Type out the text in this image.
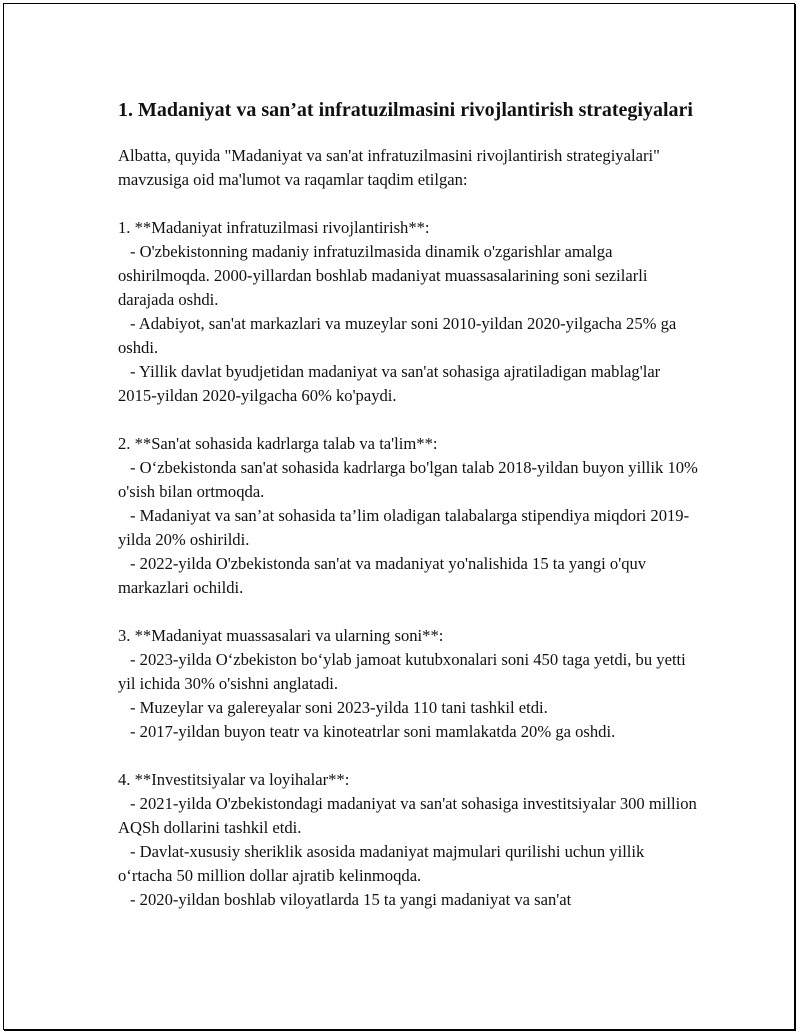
1. Madaniyat va san’at infratuzilmasini rivojlantirish strategiyalari

Albatta, quyida "Madaniyat va san'at infratuzilmasini rivojlantirish strategiyalari" mavzusiga oid ma'lumot va raqamlar taqdim etilgan:

1. **Madaniyat infratuzilmasi rivojlantirish**:

- O'zbekistonning madaniy infratuzilmasida dinamik o'zgarishlar amalga oshirilmoqda. 2000-yillardan boshlab madaniyat muassasalarining soni sezilarli darajada oshdi.

- Adabiyot, san'at markazlari va muzeylar soni 2010-yildan 2020-yilgacha 25% ga oshdi.

- Yillik davlat byudjetidan madaniyat va san'at sohasiga ajratiladigan mablag'lar 2015-yildan 2020-yilgacha 60% ko'paydi.

2. **San'at sohasida kadrlarga talab va ta'lim**:

- O‘zbekistonda san'at sohasida kadrlarga bo'lgan talab 2018-yildan buyon yillik 10% o'sish bilan ortmoqda.

- Madaniyat va san’at sohasida ta’lim oladigan talabalarga stipendiya miqdori 2019-yilda 20% oshirildi.

- 2022-yilda O'zbekistonda san'at va madaniyat yo'nalishida 15 ta yangi o'quv markazlari ochildi.

3. **Madaniyat muassasalari va ularning soni**:

- 2023-yilda O‘zbekiston bo‘ylab jamoat kutubxonalari soni 450 taga yetdi, bu yetti yil ichida 30% o'sishni anglatadi.

- Muzeylar va galereyalar soni 2023-yilda 110 tani tashkil etdi.

- 2017-yildan buyon teatr va kinoteatrlar soni mamlakatda 20% ga oshdi.

4. **Investitsiyalar va loyihalar**:

- 2021-yilda O'zbekistondagi madaniyat va san'at sohasiga investitsiyalar 300 million AQSh dollarini tashkil etdi.

- Davlat-xususiy sheriklik asosida madaniyat majmulari qurilishi uchun yillik o‘rtacha 50 million dollar ajratib kelinmoqda.

- 2020-yildan boshlab viloyatlarda 15 ta yangi madaniyat va san'at
